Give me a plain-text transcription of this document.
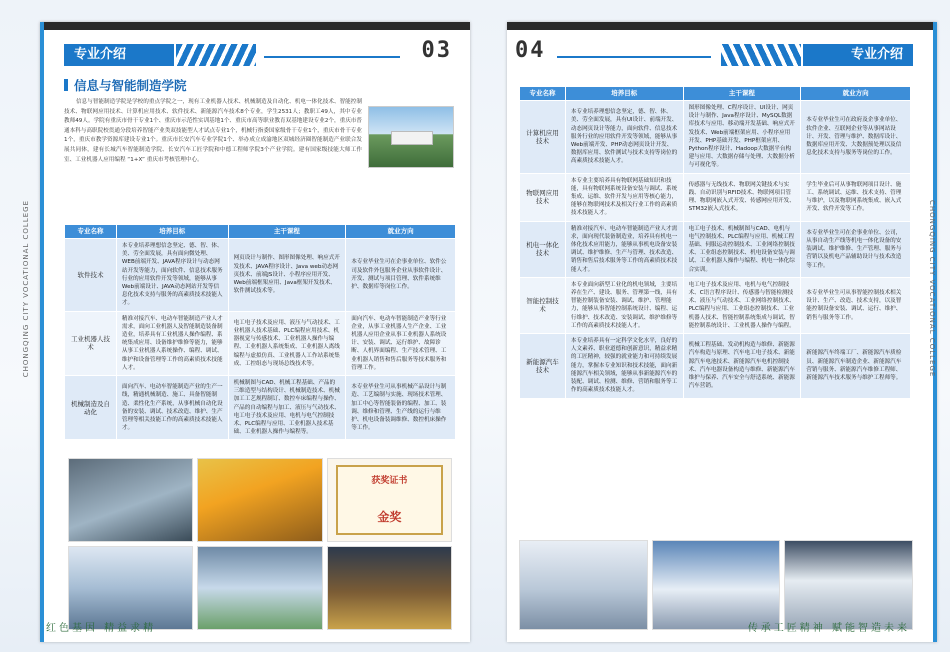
专业介绍	03
信息与智能制造学院
信息与智能制造学院是学校的重点学院之一，现有工业机器人技术、机械制造及自动化、机电一体化技术、智能控制技术、物联网应用技术、计算机应用技术、软件技术、新能源汽车技术8个专业，学生2531人；教职工49人，其中专业教师49人。学院有重庆市骨干专业1个、重庆市示范性实训基地1个、重庆市高等职业教育双基地建设专业2个，重庆市普通本科与高职院校贯通分段培养智能产业类双技能型人才试点专业1个，机械行指委国家级骨干专业1个，重庆市骨干专业1个，重庆市教学资源库建设专业1个。重庆市长安汽车专业学院1个、举办成立成渝地区双城经济圈智能制造产业联合发展共同体，建有长城汽车智能制造学院、长安汽车工匠学院和中德工程师学院3个产业学院。建有国家级技能大师工作室、工业机器人应用编程 “1+X” 重庆市考核管理中心。
专业名称	培养目标	主干课程	就业方向
软件技术	本专业培养理想信念坚定、德、智、体、美、劳全面发展，具有面向微处理、WEB前端开发、JAVA程序设计与动态网站开发等能力，面向软件、信息技术服务行业的应用软件开发等领域，能够从事Web前端设计、JAVA动态网站开发等信息化技术支持与服务的高素质技术技能人才。	网页设计与制作、图形图像处理、响应式开发技术、JAVA程序设计、Java web动态网页技术、前端JS设计、小程序应用开发、Web前端框架应用、Java框架开发技术、软件测试技术等。	本专业毕业生可在企事业单位、软件公司及软件外包服务企业从事软件设计、开发、测试与项目管理、软件系统维护、数据库等岗位工作。
工业机器人技术	精准对接汽车、电动车智能制造产业人才需求，面向工业机器人及智能制造装备制造业，培养具有工业机器人操作编程、系统集成应用、设备维护维修等能力，能够从事工业机器人系统操作、编程、调试、维护和设备管理等工作的高素质技术技能人才。	电工电子技术及应用、液压与气动技术、工业机器人技术基础、PLC编程应用技术、机器视觉与传感技术、工业机器人操作与编程、工业机器人系统集成、工业机器人离线编程与虚拟仿真、工业机器人工作站系统集成、工控组态与现场总线技术等。	面向汽车、电动车智能制造产业等行业企业，从事工业机器人生产企业、工业机器人应用企业从事工业机器人系统设计、安装、调试、运行维护、故障诊断、人机界面编程、生产技术管理、工业机器人销售和售后服务等技术服务和管理工作。
机械制造及自动化	面向汽车、电动车智能制造产业的生产一线，精通机械制造、施工、具备智能制造、柔性化生产系统，从事机械自动化设备的安装、调试、技术改造、维护、生产管理等相关技能工作的高素质技术技能人才。	机械制图与CAD、机械工程基础、产品的三维造型与结构设计、机械制造技术、机械加工工艺规程制订、数控车床编程与操作、产品的自动编程与加工、液压与气动技术、电工电子技术及应用、电机与电气控制技术、PLC编程与应用、工业机器人技术基础、工业机器人操作与编程等。	本专业毕业生可从事机械产品设计与制造、工艺编制与实施、现场技术管理、加工中心等智能装备的编程、加工、装调、维修和管理、生产线的运行与维护、机电设备装调维修、数控机床操作等工作。
获奖证书
金奖
04	专业介绍
专业名称	培养目标	主干课程	就业方向
计算机应用技术	本专业培养理想信念坚定，德、智、体、美、劳全面发展，具有UI设计、前端开发、动态网页设计等能力，面向软件、信息技术服务行业的应用软件开发等领域，能够从事Web前端开发、PHP动态网页设计开发、数据库应用、软件测试与技术支持等岗位的高素质技术技能人才。	图形图像处理、C程序设计、UI设计、网页设计与制作、Java程序设计、MySQL数据库技术与应用、移动端开发基础、响应式开发技术、Web前端框架应用、小程序应用开发、PHP基础开发、PHP框架应用、Python程序设计、Hadoop大数据平台构建与应用、大数据存储与处理、大数据分析与可视化等。	本专业毕业生可在政府及企事业单位、软件企业、互联网企业等从事网站设计、开发、管理与维护、数据库设计、数据库应用开发、大数据预处理以及信息化技术支持与服务等岗位的工作。
物联网应用技术	本专业主要培养具有物联网基础知识和技能，具有物联网系统设备安装与调试、系统集成、运维、软件开发与应用等核心能力，能够在物联网技术及相关行业工作的高素质技术技能人才。	传感器与无线技术、物联网关键技术与实践、自动识别与RFID技术、物联网项目管理、物联网嵌入式开发、传感网应用开发、STM32嵌入式技术。	学生毕业后可从事物联网项目设计、施工、系统调试、运维、技术支持、管理与维护，以及物联网系统集成、嵌入式开发、软件开发等工作。
机电一体化技术	精准对接汽车、电动车智能制造产业人才需求，面向现代装备制造业，培养具有机电一体化技术应用能力，能够从事机电设备安装调试、维护维修、生产与管理、技术改造、销售和售后技术服务等工作的高素质技术技能人才。	电工电子技术、机械制图与CAD、电机与电气控制技术、PLC编程与应用、机械工程基础、伺服运动控制技术、工业网络控制技术、工业组态控制技术、机电设备安装与调试、工业机器人操作与编程、机电一体化综合实训。	本专业毕业生可在企事业单位、公司，从事自动生产线等机电一体化设备的安装调试、维护维修、生产管理、服务与营销以及机电产品辅助设计与技术改造等工作。
智能控制技术	本专业面向新型工业化的机电领域，主要培养在生产、建设、服务、管理第一线，具有智能控制装备安装、调试、维护、管理能力，能够从事智能控制系统设计、编程、运行维护、技术改造、安装调试、维护维修等工作的高素质技术技能人才。	电工电子技术及应用、电机与电气控制技术、C语言程序设计、传感器与智能检测技术、液压与气动技术、工业网络控制技术、PLC编程与应用、工业组态控制技术、工业机器人技术、智能控制系统集成与调试、智能控制系统设计、工业机器人操作与编程。	本专业毕业生可从事智能控制技术相关设计、生产、改造、技术支持，以及智能控制设备安装、调试、运行、维护、销售与服务等工作。
新能源汽车技术	本专业培养具有一定科学文化水平，良好的人文素养、职业道德和创新意识，精益求精的工匠精神，较强的就业能力和可持续发展能力，掌握本专业知识和技术技能，面向新能源汽车相关领域，能够从事新能源汽车的装配、调试、检测、维修、营销和服务等工作的高素质技术技能人才。	机械工程基础、发动机构造与维修、新能源汽车构造与原理、汽车电工电子技术、新能源汽车电池技术、新能源汽车电机控制技术、汽车电器设备构造与维修、新能源汽车维护与保养、汽车安全与舒适系统、新能源汽车营销。	新能源汽车终端工厂、新能源汽车质检员、新能源汽车制造企业、新能源汽车营销与服务、新能源汽车维修工程师、新能源汽车技术服务与维护工程师等。
CHONGQING CITY VOCATIONAL COLLEGE	CHONGQING CITY VOCATIONAL COLLEGE
红色基因 精益求精	传承工匠精神 赋能智造未来
